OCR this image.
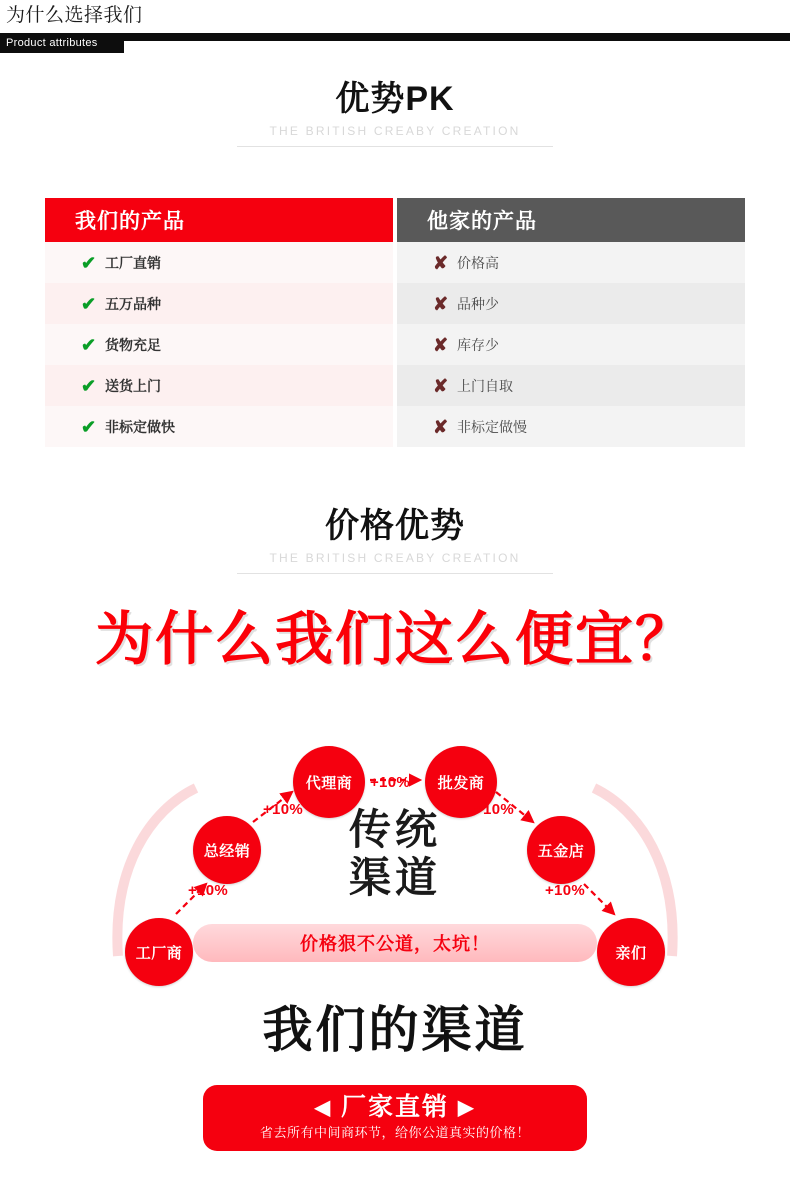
为什么选择我们
Product attributes
优势PK
THE BRITISH CREABY CREATION
我们的产品
✔ 工厂直销
✔ 五万品种
✔ 货物充足
✔ 送货上门
✔ 非标定做快
他家的产品
✘ 价格高
✘ 品种少
✘ 库存少
✘ 上门自取
✘ 非标定做慢
价格优势
THE BRITISH CREABY CREATION
为什么我们这么便宜？
工厂商
总经销
代理商	批发商
五金店
亲们
+10%
+10%
+10%
+10%
+10%
传统
渠道
价格狠不公道，太坑！
我们的渠道
◀ 厂家直销 ▶
省去所有中间商环节，给你公道真实的价格！
